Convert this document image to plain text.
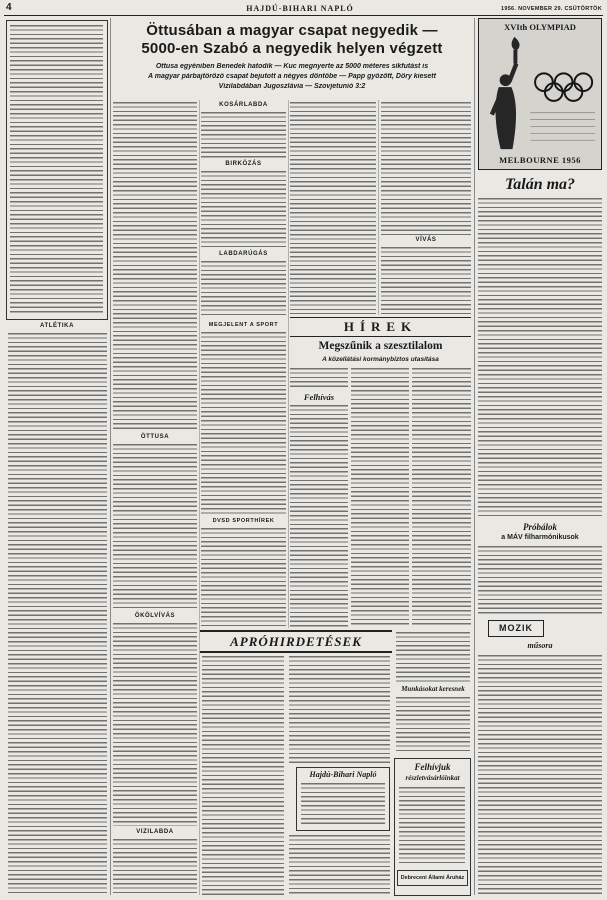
4	HAJDÚ-BIHARI NAPLÓ	1956. NOVEMBER 29. CSÜTÖRTÖK
ATLÉTIKA
Öttusában a magyar csapat negyedik —
5000-en Szabó a negyedik helyen végzett
Öttusa egyéniben Benedek hatodik — Kuc megnyerte az 5000 méteres síkfutást is
A magyar párbajtőröző csapat bejutott a négyes döntőbe — Papp győzött, Döry kiesett
Vízilabdában Jugoszlávia — Szovjetunió 3:2
ÖTTUSA
ÖKÖLVÍVÁS
VIZILABDA
KOSÁRLABDA
BIRKÓZÁS
LABDARÚGÁS
MEGJELENT A SPORT
DVSD SPORTHÍREK
VÍVÁS
HÍREK
Megszűnik a szesztilalom
A közellátási kormánybiztos utasítása
Felhívás
APRÓHIRDETÉSEK
Hajdú-Bihari Napló
Munkásokat keresnek
Felhívjuk
részletvásárlóinkat
Debreceni Állami Áruház
XVIth OLYMPIAD
MELBOURNE 1956
Talán ma?
Próbálok
a MÁV filharmónikusok
MOZIK
műsora
